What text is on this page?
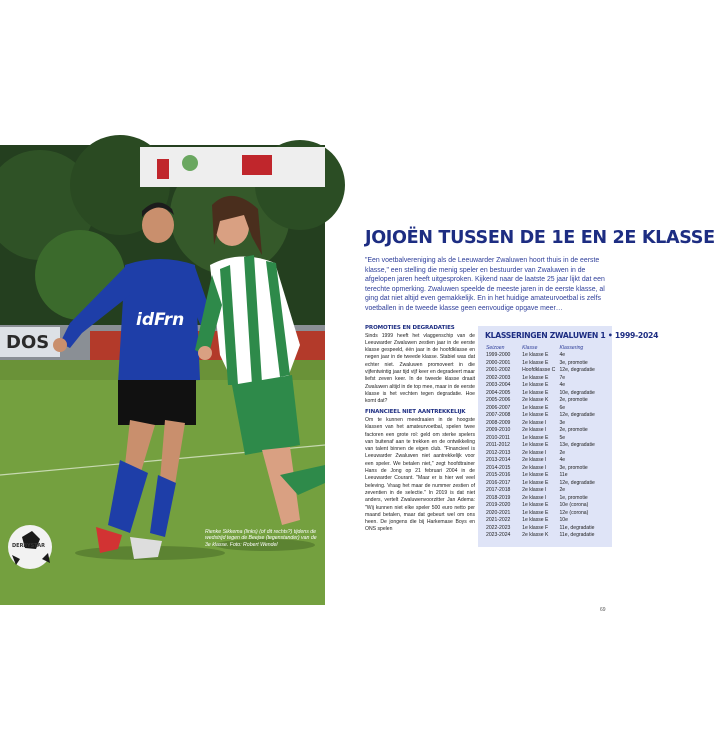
DOS
idFrn
DERBYSTAR
Rienke Sikkema (links) (of dit rechts?) tijdens de wedstrijd tegen de Beejse (tegenstander) van de 3e klasse. Foto: Robert Wendel
JOJOËN TUSSEN DE 1E EN 2E KLASSE
"Een voetbalvereniging als de Leeuwarder Zwaluwen hoort thuis in de eerste klasse," een stelling die menig speler en bestuurder van Zwaluwen in de afgelopen jaren heeft uitgesproken. Kijkend naar de laatste 25 jaar lijkt dat een terechte opmerking. Zwaluwen speelde de meeste jaren in de eerste klasse, al ging dat niet altijd even gemakkelijk. En in het huidige amateurvoetbal is zelfs voetballen in de tweede klasse geen eenvoudige opgave meer…
PROMOTIES EN DEGRADATIES
Sinds 1999 heeft het vlaggenschip van de Leeuwarder Zwaluwen zestien jaar in de eerste klasse gespeeld, één jaar in de hoofdklasse en negen jaar in de tweede klasse. Stabiel was dat echter niet. Zwaluwen promoveert in die vijfentwintig jaar tijd vijf keer en degradeert maar liefst zeven keer. In de tweede klasse draait Zwaluwen altijd in de top mee, maar in de eerste klasse is het vechten tegen degradatie. Hoe komt dat?
FINANCIEEL NIET AANTREKKELIJK
Om te kunnen meedraaien in de hoogste klassen van het amateurvoetbal, spelen twee factoren een grote rol: geld om sterke spelers van buitenaf aan te trekken en de ontwikkeling van talent binnen de eigen club. "Financieel is Leeuwarder Zwaluwen niet aantrekkelijk voor een speler. We betalen niet," zegt hoofdtrainer Hans de Jong op 21 februari 2004 in de Leeuwarder Courant. "Maar er is hier wel veel beleving. Vraag het maar de nummer zestien of zeventien in de selectie." In 2019 is dat niet anders, vertelt Zwaluwenvoorzitter Jan Adema: "Wij kunnen niet elke speler 500 euro netto per maand betalen, maar dat gebeurt wel om ons heen. De jongens die bij Harkemase Boys en ONS spelen
KLASSERINGEN ZWALUWEN 1 • 1999-2024
Seizoen	Klasse	Klassering
1999-2000	1e klasse E	4e
2000-2001	1e klasse E	3e, promotie
2001-2002	Hoofdklasse C	12e, degradatie
2002-2003	1e klasse E	7e
2003-2004	1e klasse E	4e
2004-2005	1e klasse E	10e, degradatie
2005-2006	2e klasse K	2e, promotie
2006-2007	1e klasse E	6e
2007-2008	1e klasse E	12e, degradatie
2008-2009	2e klasse I	3e
2009-2010	2e klasse I	2e, promotie
2010-2011	1e klasse E	5e
2011-2012	1e klasse E	13e, degradatie
2012-2013	2e klasse I	2e
2013-2014	2e klasse I	4e
2014-2015	2e klasse I	3e, promotie
2015-2016	1e klasse E	11e
2016-2017	1e klasse E	12e, degradatie
2017-2018	2e klasse I	2e
2018-2019	2e klasse I	1e, promotie
2019-2020	1e klasse E	10e (corona)
2020-2021	1e klasse E	12e (corona)
2021-2022	1e klasse E	10e
2022-2023	1e klasse F	11e, degradatie
2023-2024	2e klasse K	11e, degradatie
69
